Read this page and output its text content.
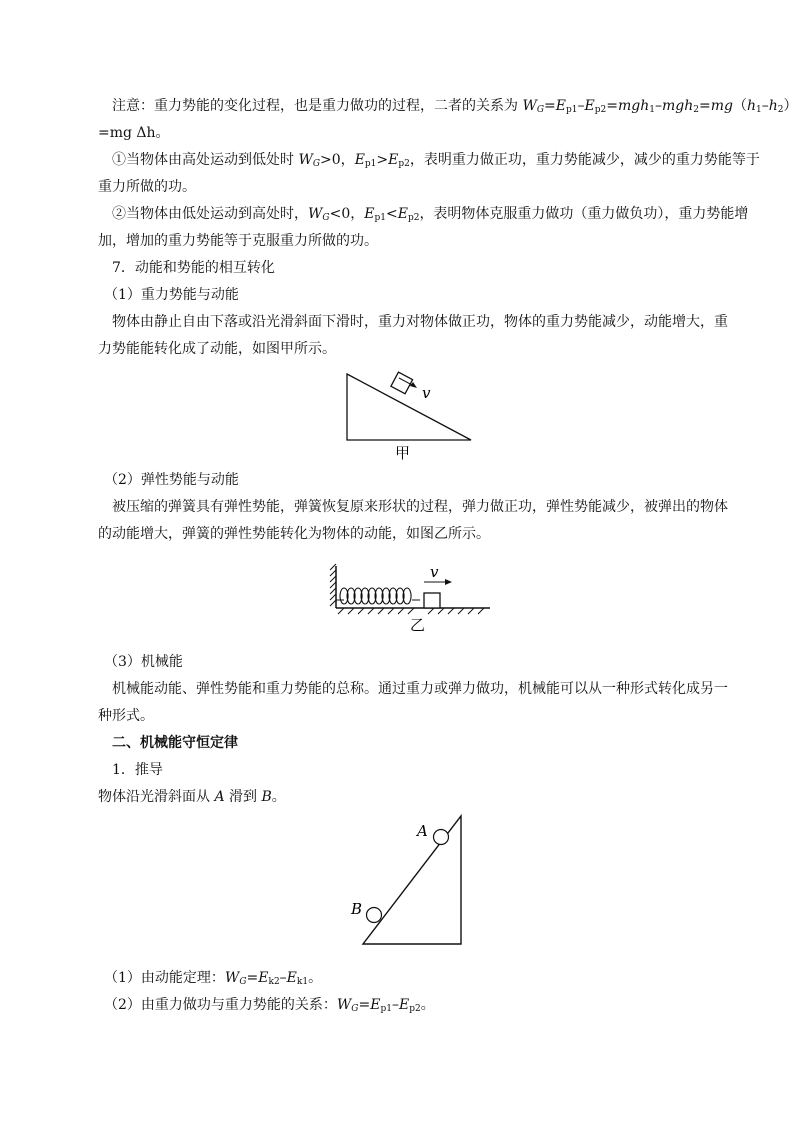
注意：重力势能的变化过程，也是重力做功的过程，二者的关系为 $W_G=E_{p1}-E_{p2}=mgh_1-mgh_2=mg(h_1-h_2)$
=mg Δh。
①当物体由高处运动到低处时 $W_G>0$，$E_{p1}>E_{p2}$，表明重力做正功，重力势能减少，减少的重力势能等于
重力所做的功。
②当物体由低处运动到高处时，$W_G<0$，$E_{p1}<E_{p2}$，表明物体克服重力做功（重力做负功），重力势能增
加，增加的重力势能等于克服重力所做的功。
7．动能和势能的相互转化
（1）重力势能与动能
物体由静止自由下落或沿光滑斜面下滑时，重力对物体做正功，物体的重力势能减少，动能增大，重
力势能能转化成了动能，如图甲所示。
v
甲
（2）弹性势能与动能
被压缩的弹簧具有弹性势能，弹簧恢复原来形状的过程，弹力做正功，弹性势能减少，被弹出的物体
的动能增大，弹簧的弹性势能转化为物体的动能，如图乙所示。
v
乙
（3）机械能
机械能动能、弹性势能和重力势能的总称。通过重力或弹力做功，机械能可以从一种形式转化成另一
种形式。
二、机械能守恒定律
1．推导
物体沿光滑斜面从 A 滑到 B。
A
B
（1）由动能定理：$W_G=E_{k2}-E_{k1}$。
（2）由重力做功与重力势能的关系：$W_G=E_{p1}-E_{p2}$。
